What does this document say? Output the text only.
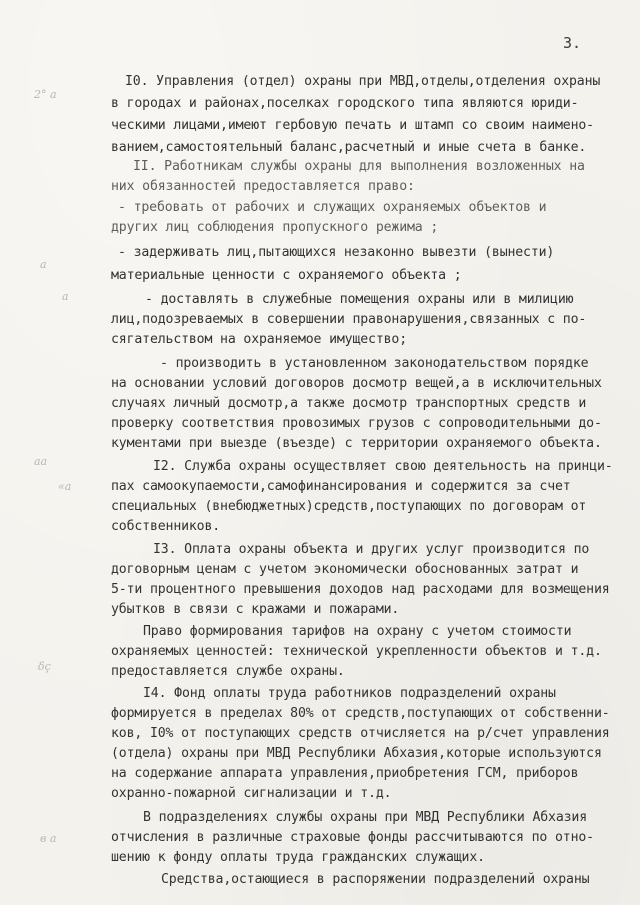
3.
2° а
а
а
аа
«а
δç
в а
I0. Управления (отдел) охраны при МВД,отделы,отделения охраны
в городах и районах,поселках городского типа являются юриди-
ческими лицами,имеют гербовую печать и штамп со своим наимено-
ванием,самостоятельный баланс,расчетный и иные счета в банке.
II. Работникам службы охраны для выполнения возложенных на
них обязанностей предоставляется право:
- требовать от рабочих и служащих охраняемых объектов и
других лиц соблюдения пропускного режима ;
- задерживать лиц,пытающихся незаконно вывезти (вынести)
материальные ценности с охраняемого объекта ;
- доставлять в служебные помещения охраны или в милицию
лиц,подозреваемых в совершении правонарушения,связанных с по-
сягательством на охраняемое имущество;
- производить в установленном законодательством порядке
на основании условий договоров досмотр вещей,а в исключительных
случаях личный досмотр,а также досмотр транспортных средств и
проверку соответствия провозимых грузов с сопроводительными до-
кументами при выезде (въезде) с территории охраняемого объекта.
I2. Служба охраны осуществляет свою деятельность на принци-
пах самоокупаемости,самофинансирования и содержится за счет
специальных (внебюджетных)средств,поступающих по договорам от
собственников.
I3. Оплата охраны объекта и других услуг производится по
договорным ценам с учетом экономически обоснованных затрат и
5-ти процентного превышения доходов над расходами для возмещения
убытков в связи с кражами и пожарами.
Право формирования тарифов на охрану с учетом стоимости
охраняемых ценностей: технической укрепленности объектов и т.д.
предоставляется службе охраны.
I4. Фонд оплаты труда работников подразделений охраны
формируется в пределах 80% от средств,поступающих от собственни-
ков, I0% от поступающих средств отчисляется на р/счет управления
(отдела) охраны при МВД Республики Абхазия,которые используются
на содержание аппарата управления,приобретения ГСМ, приборов
охранно-пожарной сигнализации и т.д.
В подразделениях службы охраны при МВД Республики Абхазия
отчисления в различные страховые фонды рассчитываются по отно-
шению к фонду оплаты труда гражданских служащих.
Средства,остающиеся в распоряжении подразделений охраны
